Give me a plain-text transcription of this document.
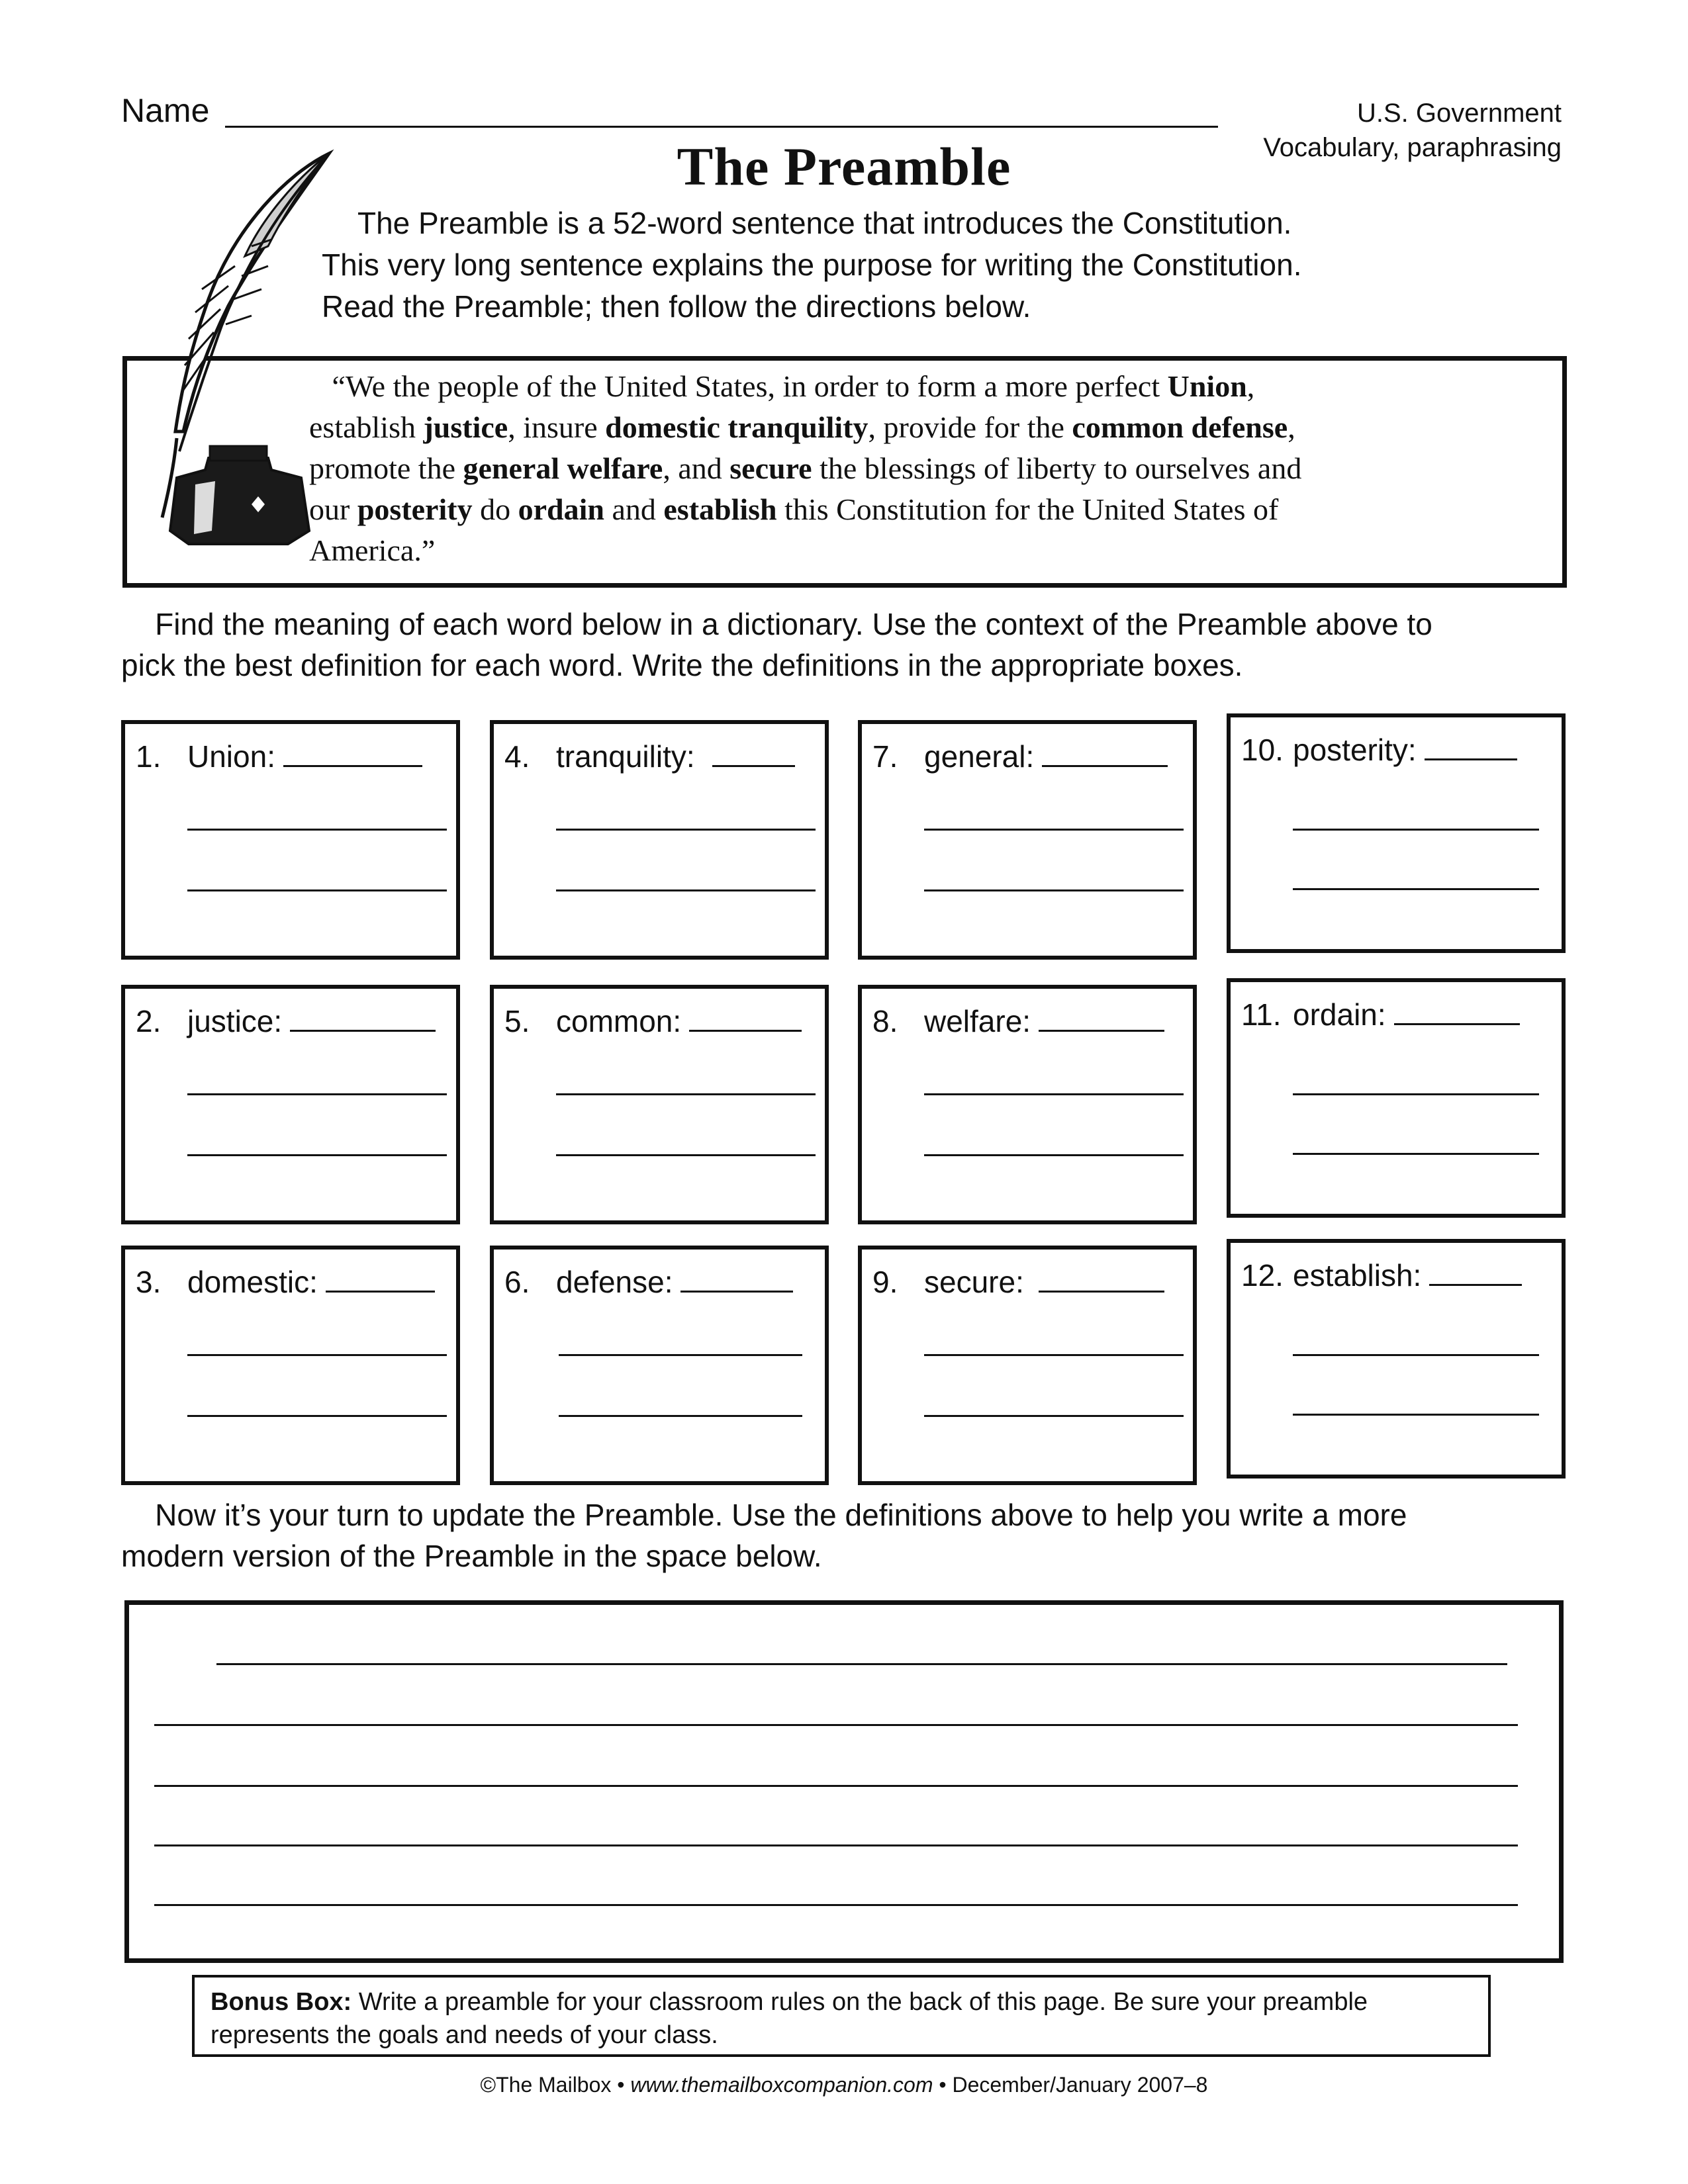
Name	U.S. Government
Vocabulary, paraphrasing
The Preamble
The Preamble is a 52-word sentence that introduces the Constitution.
This very long sentence explains the purpose for writing the Constitution.
Read the Preamble; then follow the directions below.
“We the people of the United States, in order to form a more perfect Union,
establish justice, insure domestic tranquility, provide for the common defense,
promote the general welfare, and secure the blessings of liberty to ourselves and
our posterity do ordain and establish this Constitution for the United States of
America.”
Find the meaning of each word below in a dictionary. Use the context of the Preamble above to
pick the best definition for each word. Write the definitions in the appropriate boxes.
1. Union:
2. justice:
3. domestic:
4. tranquility:
5. common:
6. defense:
7. general:
8. welfare:
9. secure:
10. posterity:
11. ordain:
12. establish:
Now it’s your turn to update the Preamble. Use the definitions above to help you write a more
modern version of the Preamble in the space below.
Bonus Box: Write a preamble for your classroom rules on the back of this page. Be sure your preamble represents the goals and needs of your class.
©The Mailbox • www.themailboxcompanion.com • December/January 2007–8
